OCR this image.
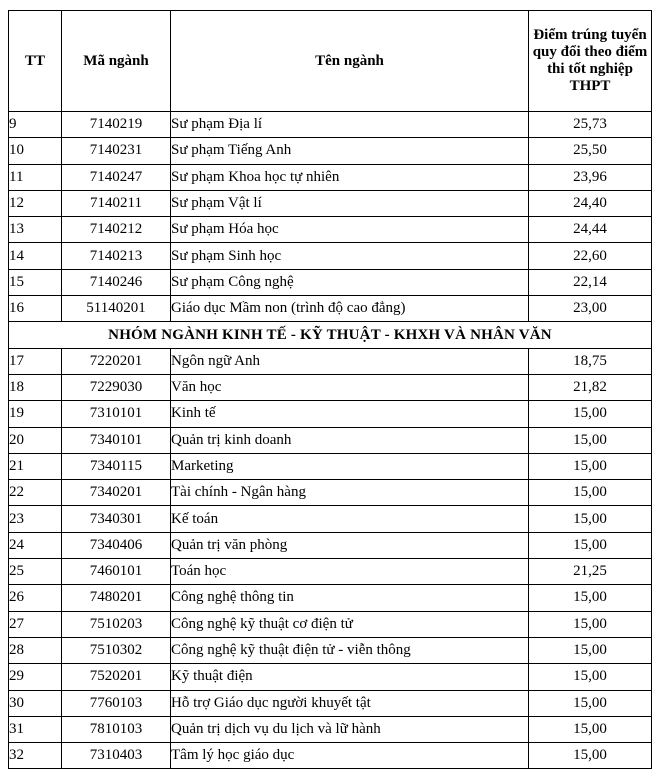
TT	Mã ngành	Tên ngành	Điểm trúng tuyển quy đổi theo điểm thi tốt nghiệp THPT
9	7140219	Sư phạm Địa lí	25,73
10	7140231	Sư phạm Tiếng Anh	25,50
11	7140247	Sư phạm Khoa học tự nhiên	23,96
12	7140211	Sư phạm Vật lí	24,40
13	7140212	Sư phạm Hóa học	24,44
14	7140213	Sư phạm Sinh học	22,60
15	7140246	Sư phạm Công nghệ	22,14
16	51140201	Giáo dục Mầm non (trình độ cao đẳng)	23,00
NHÓM NGÀNH KINH TẾ - KỸ THUẬT - KHXH VÀ NHÂN VĂN			
17	7220201	Ngôn ngữ Anh	18,75
18	7229030	Văn học	21,82
19	7310101	Kinh tế	15,00
20	7340101	Quản trị kinh doanh	15,00
21	7340115	Marketing	15,00
22	7340201	Tài chính - Ngân hàng	15,00
23	7340301	Kế toán	15,00
24	7340406	Quản trị văn phòng	15,00
25	7460101	Toán học	21,25
26	7480201	Công nghệ thông tin	15,00
27	7510203	Công nghệ kỹ thuật cơ điện tử	15,00
28	7510302	Công nghệ kỹ thuật điện tử - viễn thông	15,00
29	7520201	Kỹ thuật điện	15,00
30	7760103	Hỗ trợ Giáo dục người khuyết tật	15,00
31	7810103	Quản trị dịch vụ du lịch và lữ hành	15,00
32	7310403	Tâm lý học giáo dục	15,00
